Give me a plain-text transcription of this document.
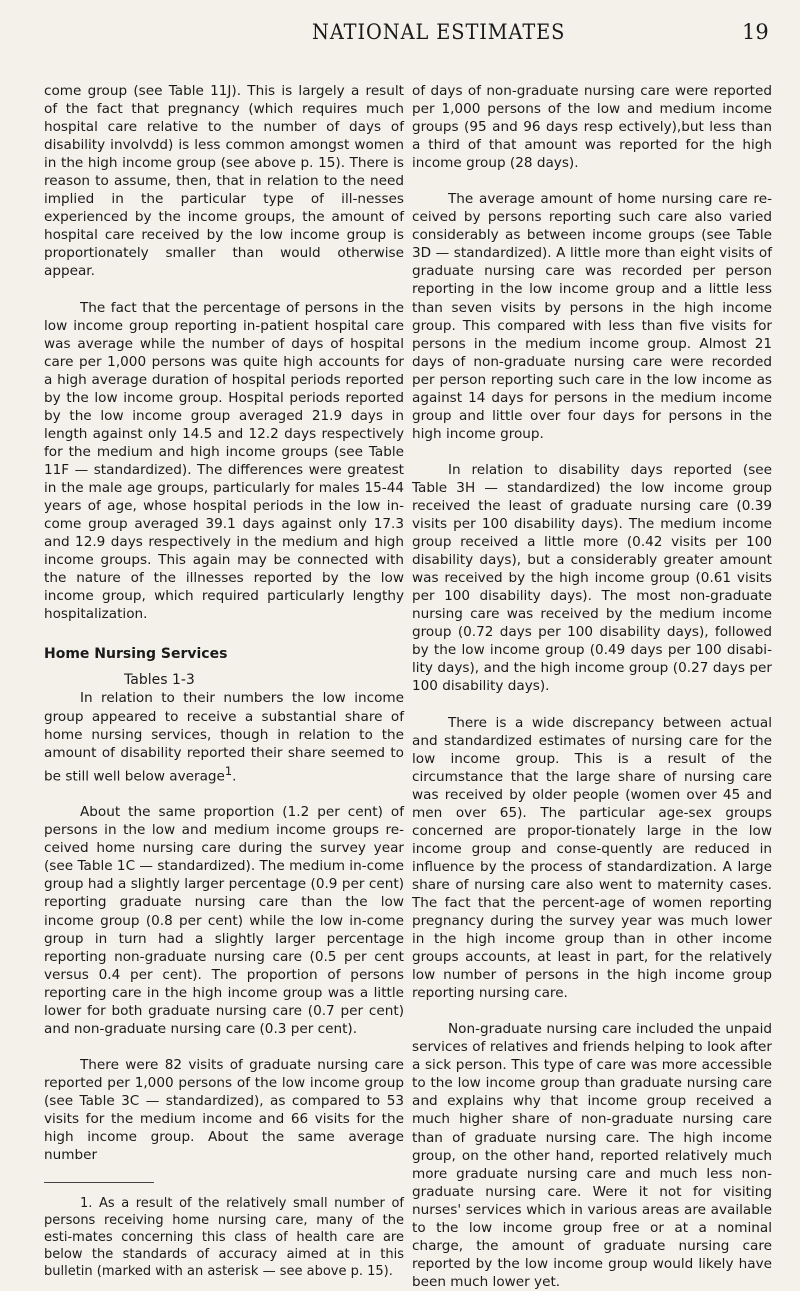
NATIONAL ESTIMATES	19

come group (see Table 11J). This is largely a result of the fact that pregnancy (which requires much hospital care relative to the number of days of disability involvdd) is less common amongst women in the high income group (see above p. 15). There is reason to assume, then, that in relation to the need implied in the particular type of ill-nesses experienced by the income groups, the amount of hospital care received by the low income group is proportionately smaller than would otherwise appear.

The fact that the percentage of persons in the low income group reporting in-patient hospital care was average while the number of days of hospital care per 1,000 persons was quite high accounts for a high average duration of hospital periods reported by the low income group. Hospital periods reported by the low income group averaged 21.9 days in length against only 14.5 and 12.2 days respectively for the medium and high income groups (see Table 11F — standardized). The differences were greatest in the male age groups, particularly for males 15-44 years of age, whose hospital periods in the low in-come group averaged 39.1 days against only 17.3 and 12.9 days respectively in the medium and high income groups. This again may be connected with the nature of the illnesses reported by the low income group, which required particularly lengthy hospitalization.

Home Nursing Services

Tables 1-3

In relation to their numbers the low income group appeared to receive a substantial share of home nursing services, though in relation to the amount of disability reported their share seemed to be still well below average$^1$.

About the same proportion (1.2 per cent) of persons in the low and medium income groups re-ceived home nursing care during the survey year (see Table 1C — standardized). The medium in-come group had a slightly larger percentage (0.9 per cent) reporting graduate nursing care than the low income group (0.8 per cent) while the low in-come group in turn had a slightly larger percentage reporting non-graduate nursing care (0.5 per cent versus 0.4 per cent). The proportion of persons reporting care in the high income group was a little lower for both graduate nursing care (0.7 per cent) and non-graduate nursing care (0.3 per cent).

There were 82 visits of graduate nursing care reported per 1,000 persons of the low income group (see Table 3C — standardized), as compared to 53 visits for the medium income and 66 visits for the high income group. About the same average number

1. As a result of the relatively small number of persons receiving home nursing care, many of the esti-mates concerning this class of health care are below the standards of accuracy aimed at in this bulletin (marked with an asterisk — see above p. 15).

of days of non-graduate nursing care were reported per 1,000 persons of the low and medium income groups (95 and 96 days resp ectively),but less than a third of that amount was reported for the high income group (28 days).

The average amount of home nursing care re-ceived by persons reporting such care also varied considerably as between income groups (see Table 3D — standardized). A little more than eight visits of graduate nursing care was recorded per person reporting in the low income group and a little less than seven visits by persons in the high income group. This compared with less than five visits for persons in the medium income group. Almost 21 days of non-graduate nursing care were recorded per person reporting such care in the low income as against 14 days for persons in the medium income group and little over four days for persons in the high income group.

In relation to disability days reported (see Table 3H — standardized) the low income group received the least of graduate nursing care (0.39 visits per 100 disability days). The medium income group received a little more (0.42 visits per 100 disability days), but a considerably greater amount was received by the high income group (0.61 visits per 100 disability days). The most non-graduate nursing care was received by the medium income group (0.72 days per 100 disability days), followed by the low income group (0.49 days per 100 disabi-lity days), and the high income group (0.27 days per 100 disability days).

There is a wide discrepancy between actual and standardized estimates of nursing care for the low income group. This is a result of the circumstance that the large share of nursing care was received by older people (women over 45 and men over 65). The particular age-sex groups concerned are propor-tionately large in the low income group and conse-quently are reduced in influence by the process of standardization. A large share of nursing care also went to maternity cases. The fact that the percent-age of women reporting pregnancy during the survey year was much lower in the high income group than in other income groups accounts, at least in part, for the relatively low number of persons in the high income group reporting nursing care.

Non-graduate nursing care included the unpaid services of relatives and friends helping to look after a sick person. This type of care was more accessible to the low income group than graduate nursing care and explains why that income group received a much higher share of non-graduate nursing care than of graduate nursing care. The high income group, on the other hand, reported relatively much more graduate nursing care and much less non-graduate nursing care. Were it not for visiting nurses' services which in various areas are available to the low income group free or at a nominal charge, the amount of graduate nursing care reported by the low income group would likely have been much lower yet.
